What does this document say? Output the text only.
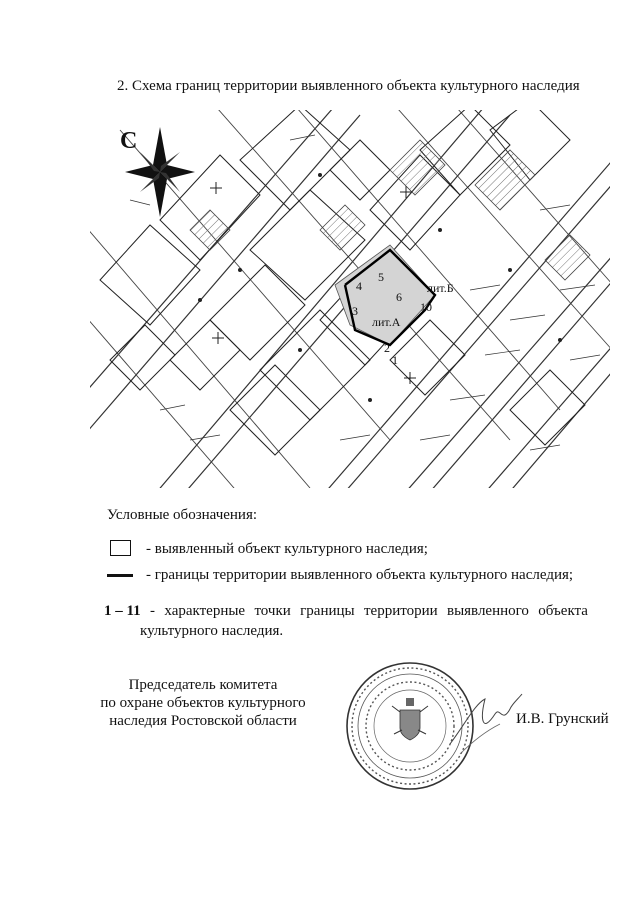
2. Схема границ территории выявленного объекта культурного наследия
С
лит.А
лит.Б
1
2
3
4
5
6
10
Условные обозначения:
- выявленный объект культурного наследия;
- границы территории выявленного объекта культурного наследия;
1 – 11 - характерные точки границы территории выявленного объекта
культурного наследия.
Председатель комитета
по охране объектов культурного
наследия Ростовской области	И.В. Грунский
